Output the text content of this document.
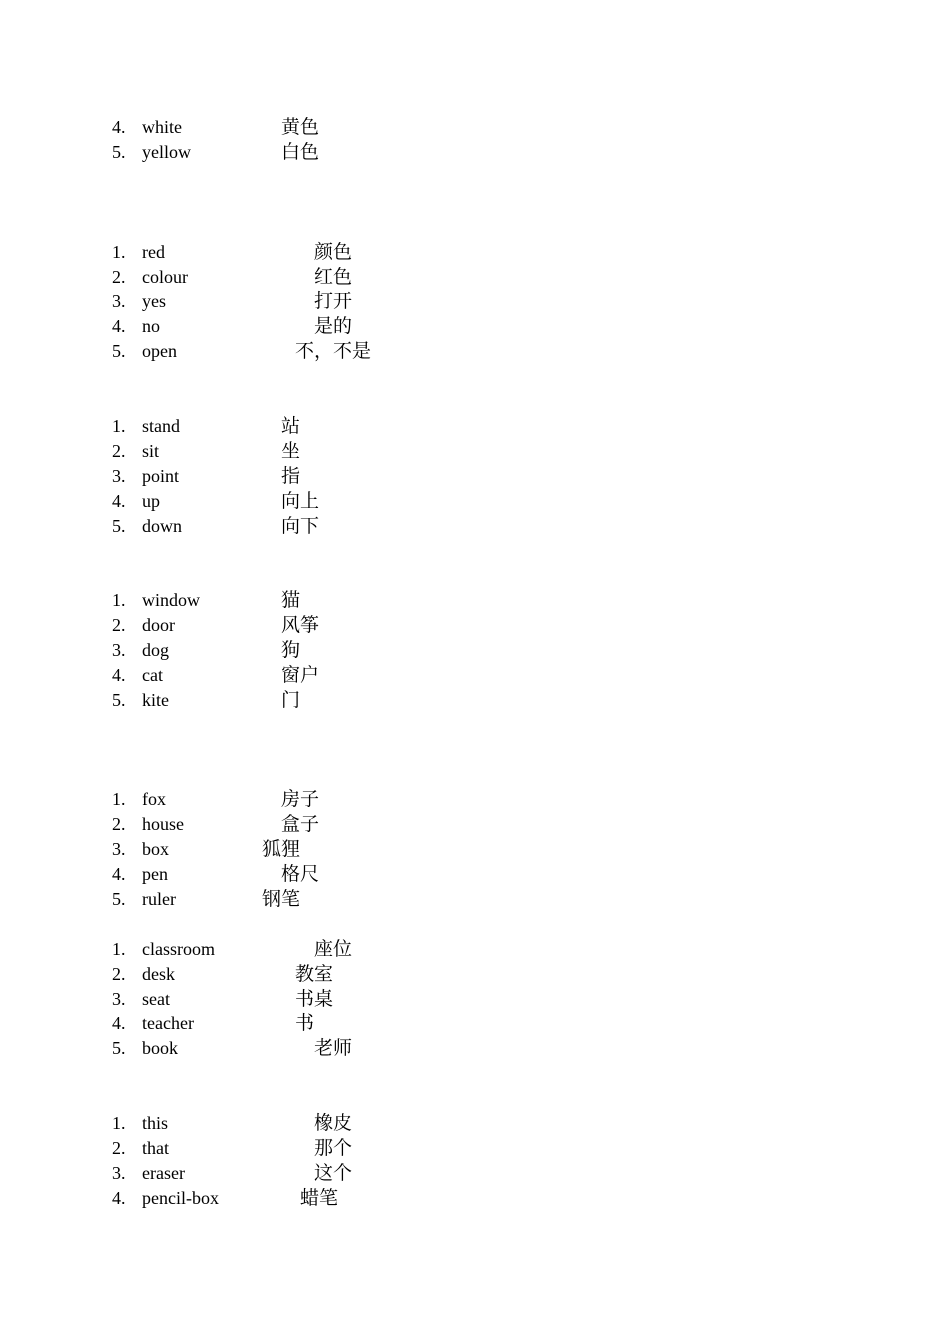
4. white	黄色
5. yellow	白色
1. red	颜色
2. colour	红色
3. yes	打开
4. no	是的
5. open	不，不是
1. stand	站
2. sit	坐
3. point	指
4. up	向上
5. down	向下
1. window	猫
2. door	风筝
3. dog	狗
4. cat	窗户
5. kite	门
1. fox	房子
2. house	盒子
3. box	狐狸
4. pen	格尺
5. ruler	钢笔
1. classroom	座位
2. desk	教室
3. seat	书桌
4. teacher	书
5. book	老师
1. this	橡皮
2. that	那个
3. eraser	这个
4. pencil-box	蜡笔
